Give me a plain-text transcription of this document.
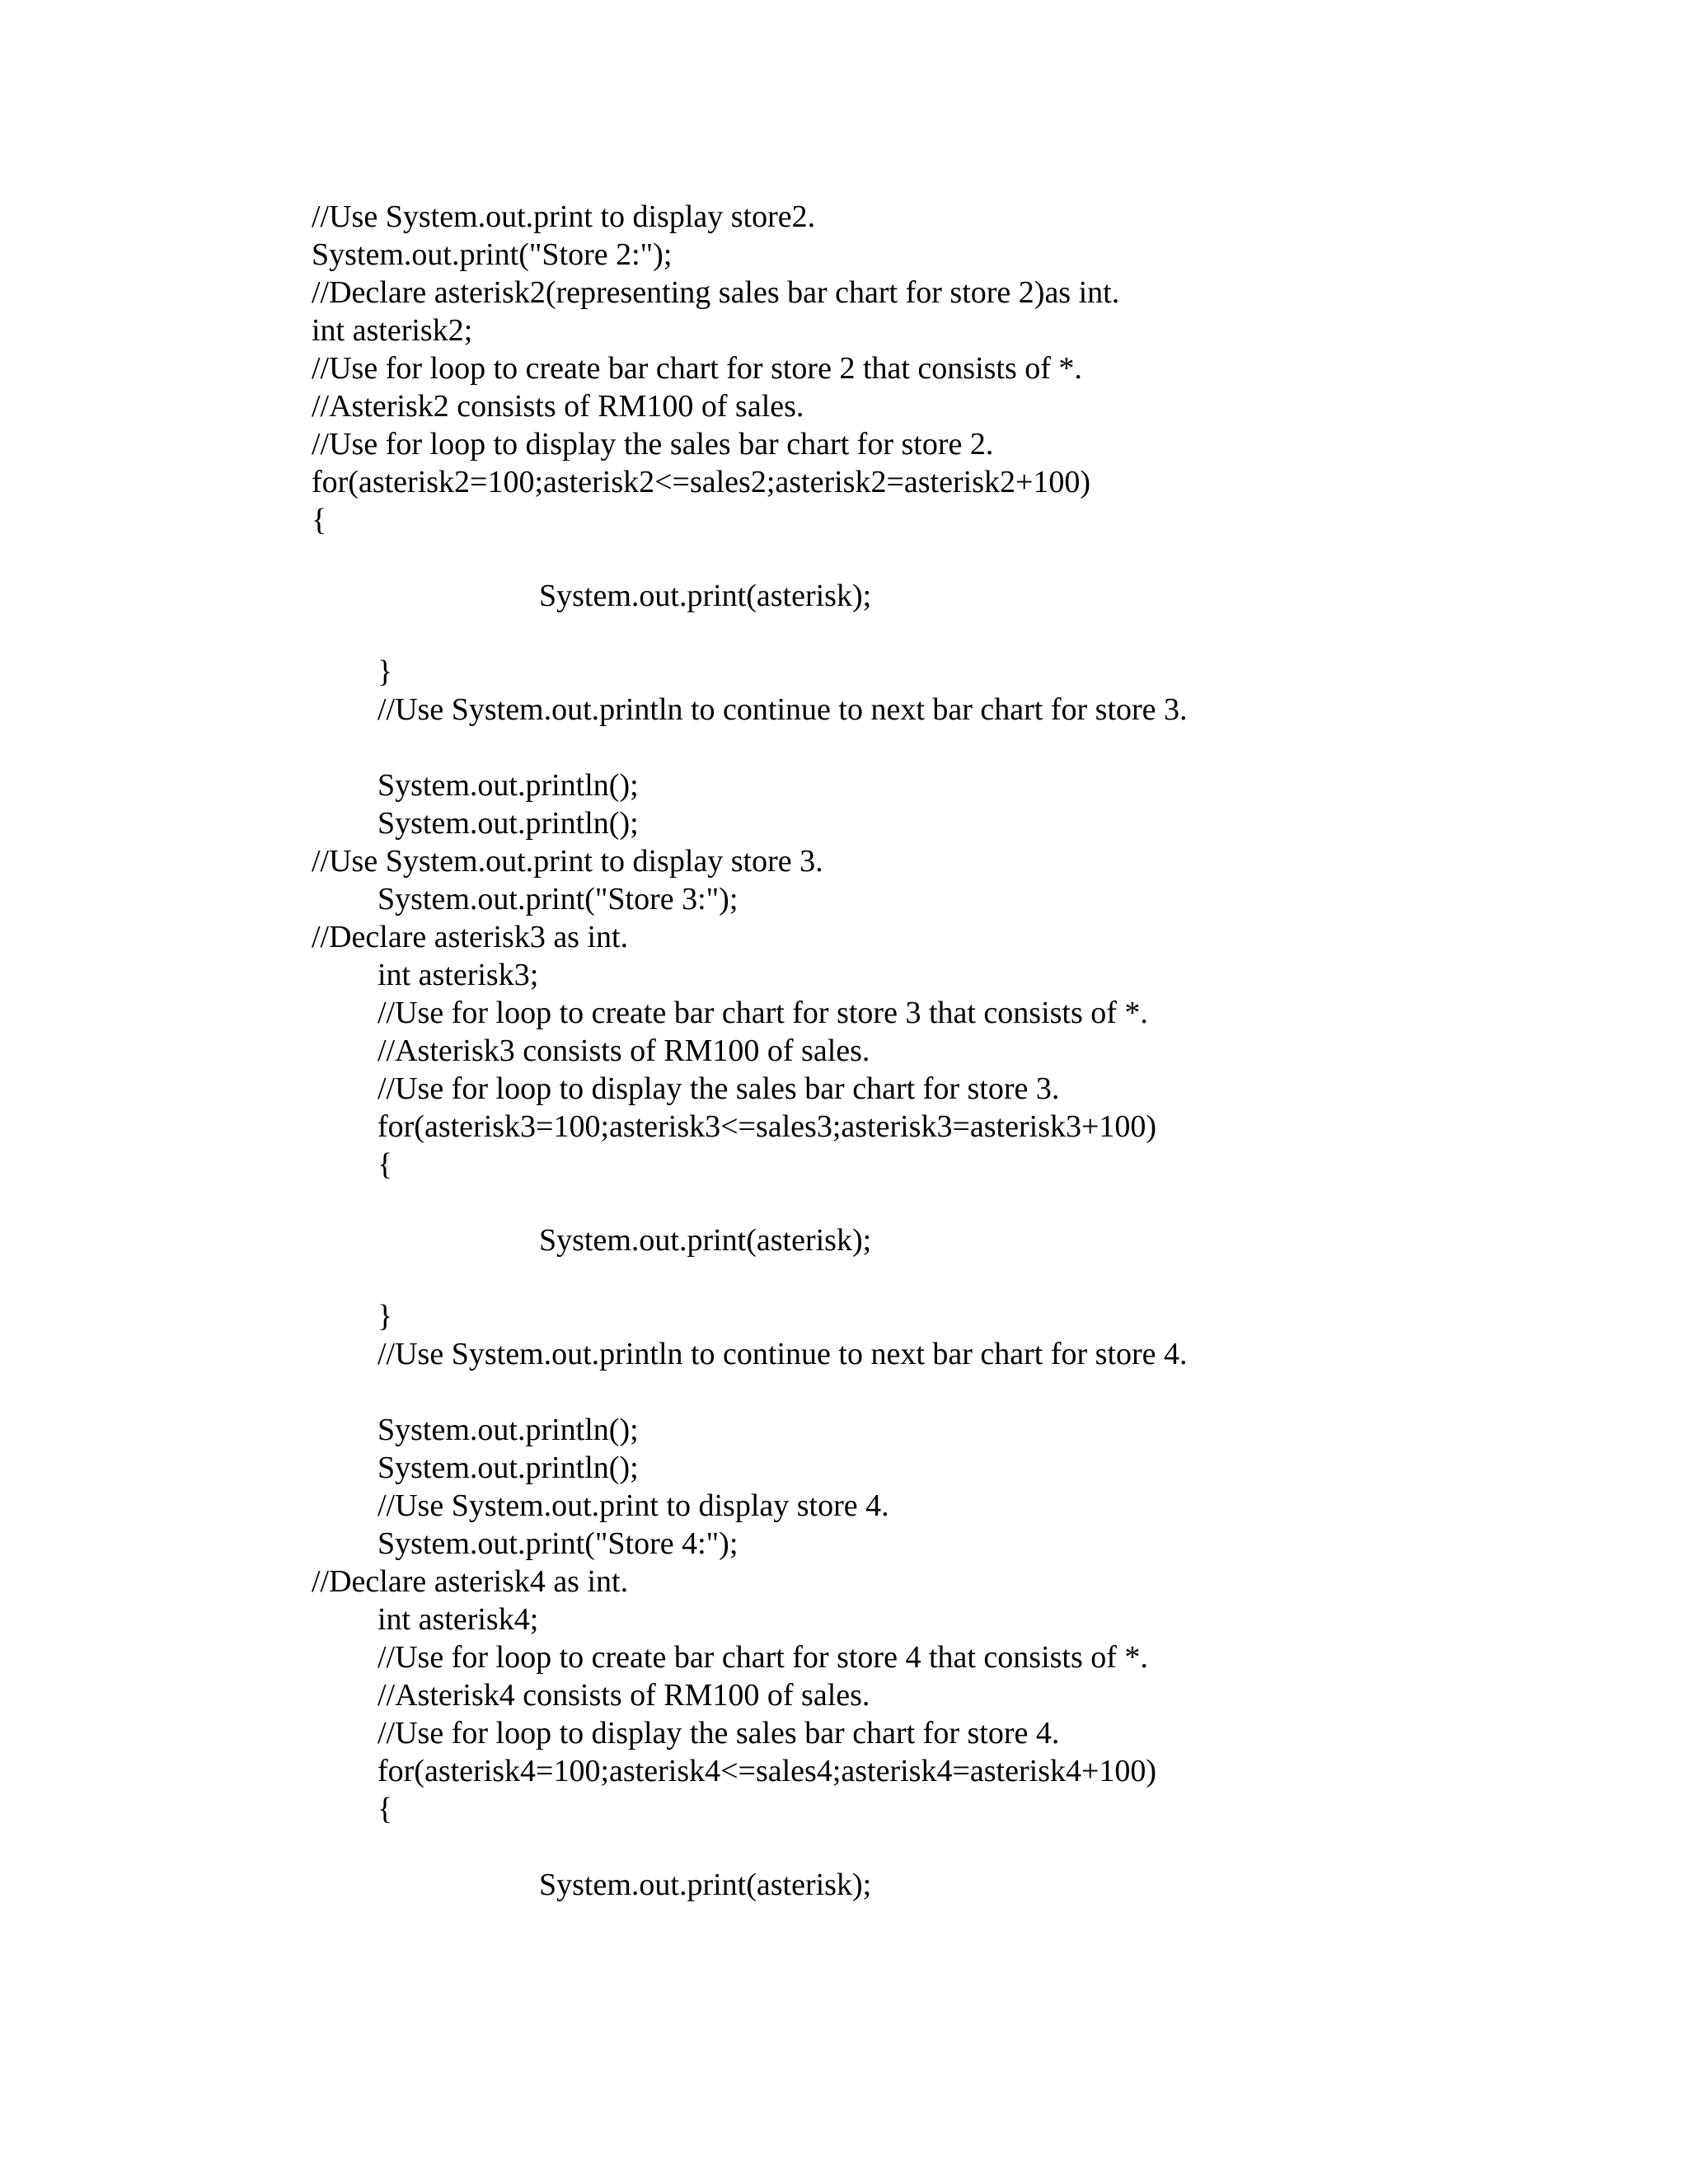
//Use System.out.print to display store2.
System.out.print("Store 2:");
//Declare asterisk2(representing sales bar chart for store 2)as int.
int asterisk2;
//Use for loop to create bar chart for store 2 that consists of *.
//Asterisk2 consists of RM100 of sales.
//Use for loop to display the sales bar chart for store 2.
for(asterisk2=100;asterisk2<=sales2;asterisk2=asterisk2+100)
{
System.out.print(asterisk);
}
//Use System.out.println to continue to next bar chart for store 3.
System.out.println();
System.out.println();
//Use System.out.print to display store 3.
System.out.print("Store 3:");
//Declare asterisk3 as int.
int asterisk3;
//Use for loop to create bar chart for store 3 that consists of *.
//Asterisk3 consists of RM100 of sales.
//Use for loop to display the sales bar chart for store 3.
for(asterisk3=100;asterisk3<=sales3;asterisk3=asterisk3+100)
{
System.out.print(asterisk);
}
//Use System.out.println to continue to next bar chart for store 4.
System.out.println();
System.out.println();
//Use System.out.print to display store 4.
System.out.print("Store 4:");
//Declare asterisk4 as int.
int asterisk4;
//Use for loop to create bar chart for store 4 that consists of *.
//Asterisk4 consists of RM100 of sales.
//Use for loop to display the sales bar chart for store 4.
for(asterisk4=100;asterisk4<=sales4;asterisk4=asterisk4+100)
{
System.out.print(asterisk);
